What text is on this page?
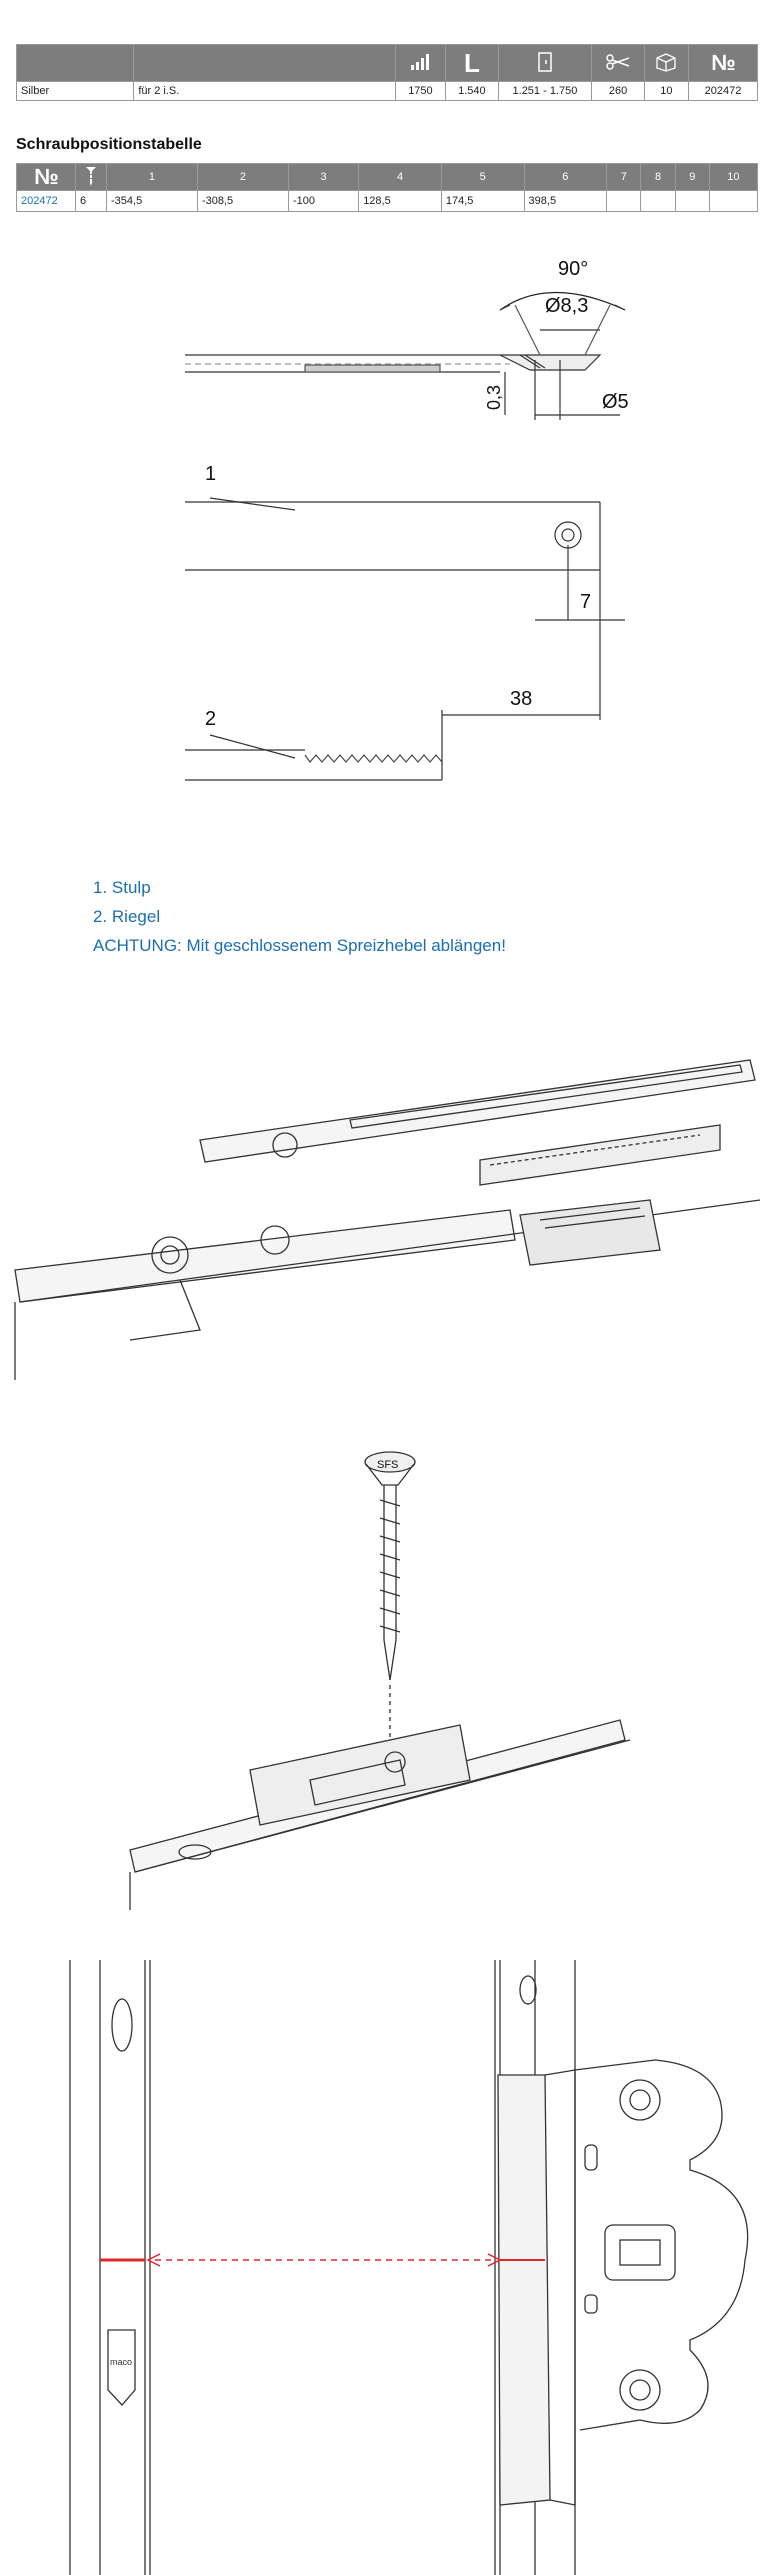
			L				№
Silber	für 2 i.S.	1750	1.540	1.251 - 1.750	260	10	202472
Schraubpositionstabelle
№		1	2	3	4	5	6	7	8	9	10
202472	6	-354,5	-308,5	-100	128,5	174,5	398,5				
90°
Ø8,3
0,3	Ø5
1
7
2
38
1. Stulp
2. Riegel
ACHTUNG: Mit geschlossenem Spreizhebel ablängen!
SFS
maco
